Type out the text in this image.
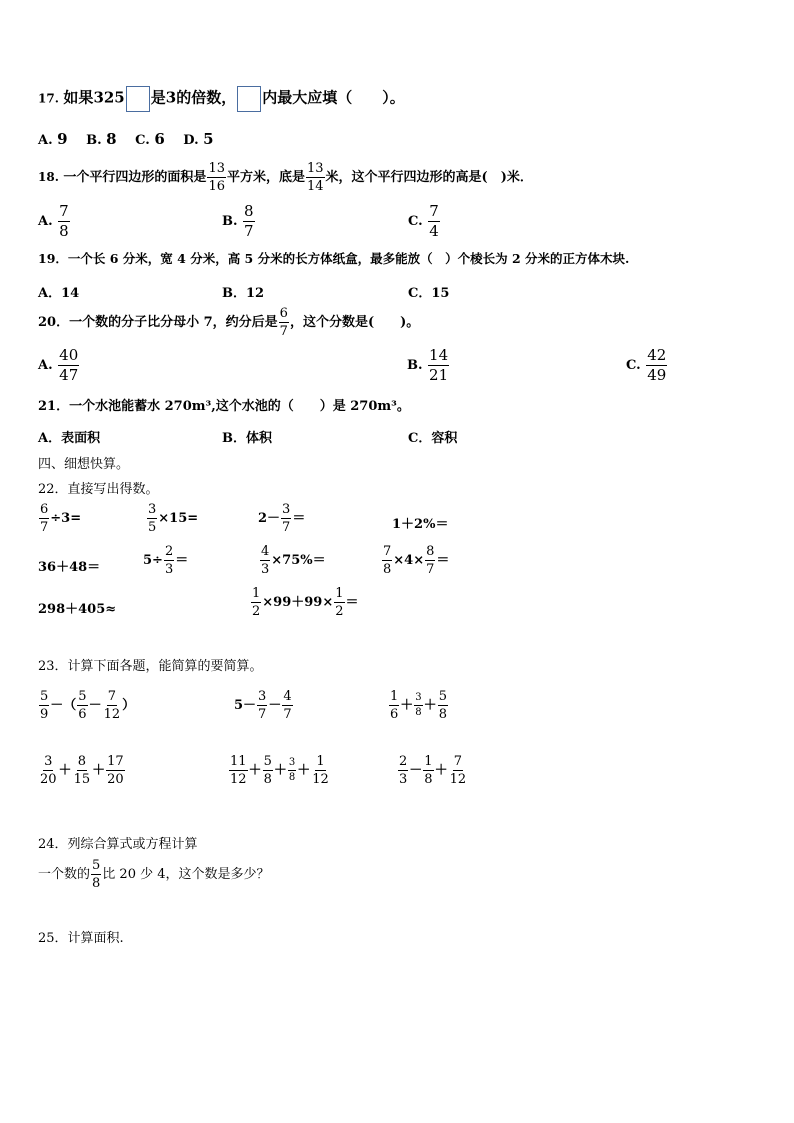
17. 如果325 是3的倍数， 内最大应填（　　）。
A. 9 B. 8 C. 6 D. 5
18. 一个平行四边形的面积是 $\frac{13}{16}$ 平方米，底是 $\frac{13}{14}$ 米，这个平行四边形的高是(　)米．
A. $\frac{7}{8}$	B. $\frac{8}{7}$	C. $\frac{7}{4}$
19．一个长 6 分米，宽 4 分米，高 5 分米的长方体纸盒，最多能放（　）个棱长为 2 分米的正方体木块.
A．14	B．12	C．15
20．一个数的分子比分母小 7，约分后是 $\frac{6}{7}$ ，这个分数是(　　)。
A. $\frac{40}{47}$	B. $\frac{14}{21}$	C. $\frac{42}{49}$
21．一个水池能蓄水 270m³,这个水池的（　　）是 270m³。
A．表面积	B．体积	C．容积
四、细想快算。
22．直接写出得数。
$\frac{6}{7} \div 3=$	$\frac{3}{5} \times 15=$	$2- \frac{3}{7}$ ＝	1＋2%＝
36＋48＝	$5\div \frac{2}{3}$ ＝	$\frac{4}{3} \times 75\%=$	$\frac{7}{8} \times 4\times \frac{8}{7}$ ＝
298＋405≈	$\frac{1}{2} \times 99+99\times \frac{1}{2}$ ＝
23．计算下面各题，能简算的要简算。
$\frac{5}{9}$ －（ $\frac{5}{6} - \frac{7}{12}$ ）	$5- \frac{3}{7} - \frac{4}{7}$	$\frac{1}{6} + \frac{3}{8} + \frac{5}{8}$
$\frac{3}{20} + \frac{8}{15} + \frac{17}{20}$	$\frac{11}{12} + \frac{5}{8} + \frac{3}{8} + \frac{1}{12}$	$\frac{2}{3} - \frac{1}{8} + \frac{7}{12}$
24．列综合算式或方程计算
一个数的 $\frac{5}{8}$ 比 20 少 4，这个数是多少？
25．计算面积.
